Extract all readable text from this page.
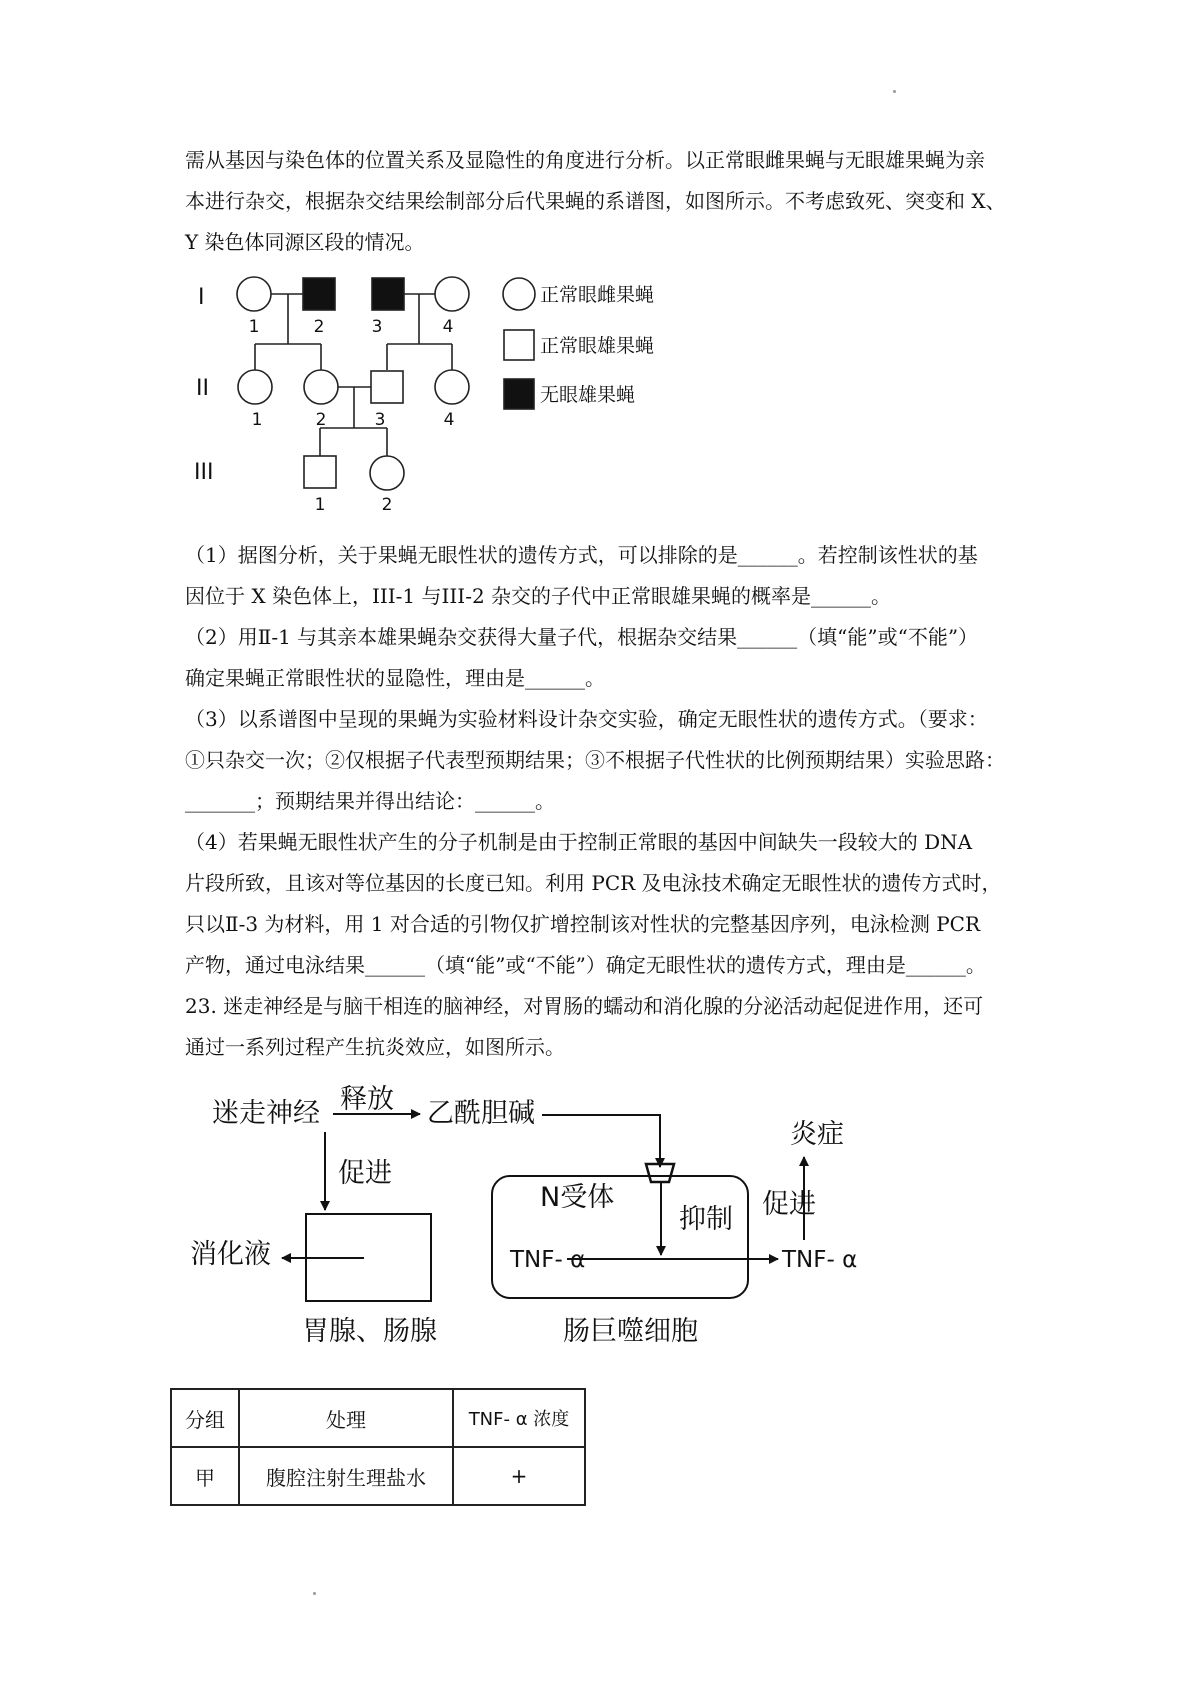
需从基因与染色体的位置关系及显隐性的角度进行分析。以正常眼雌果蝇与无眼雄果蝇为亲

本进行杂交，根据杂交结果绘制部分后代果蝇的系谱图，如图所示。不考虑致死、突变和 X、

Y 染色体同源区段的情况。

I
II
III
1	2	3	4
1	2	3	4
1	2
正常眼雌果蝇
正常眼雄果蝇
无眼雄果蝇

（1）据图分析，关于果蝇无眼性状的遗传方式，可以排除的是______。若控制该性状的基

因位于 X 染色体上，III-1 与III-2 杂交的子代中正常眼雄果蝇的概率是______。

（2）用Ⅱ-1 与其亲本雄果蝇杂交获得大量子代，根据杂交结果______（填“能”或“不能”）

确定果蝇正常眼性状的显隐性，理由是______。

（3）以系谱图中呈现的果蝇为实验材料设计杂交实验，确定无眼性状的遗传方式。（要求：

①只杂交一次；②仅根据子代表型预期结果；③不根据子代性状的比例预期结果）实验思路：

_______；预期结果并得出结论：______。

（4）若果蝇无眼性状产生的分子机制是由于控制正常眼的基因中间缺失一段较大的 DNA

片段所致，且该对等位基因的长度已知。利用 PCR 及电泳技术确定无眼性状的遗传方式时，

只以Ⅱ-3 为材料，用 1 对合适的引物仅扩增控制该对性状的完整基因序列，电泳检测 PCR

产物，通过电泳结果______（填“能”或“不能”）确定无眼性状的遗传方式，理由是______。

23. 迷走神经是与脑干相连的脑神经，对胃肠的蠕动和消化腺的分泌活动起促进作用，还可

通过一系列过程产生抗炎效应，如图所示。

迷走神经 释放 乙酰胆碱
促进
消化液
胃腺、肠腺
N受体
抑制
炎症
促进
肠巨噬细胞
TNF- α	TNF- α
分组	处理	TNF- α 浓度
甲	腹腔注射生理盐水	+
